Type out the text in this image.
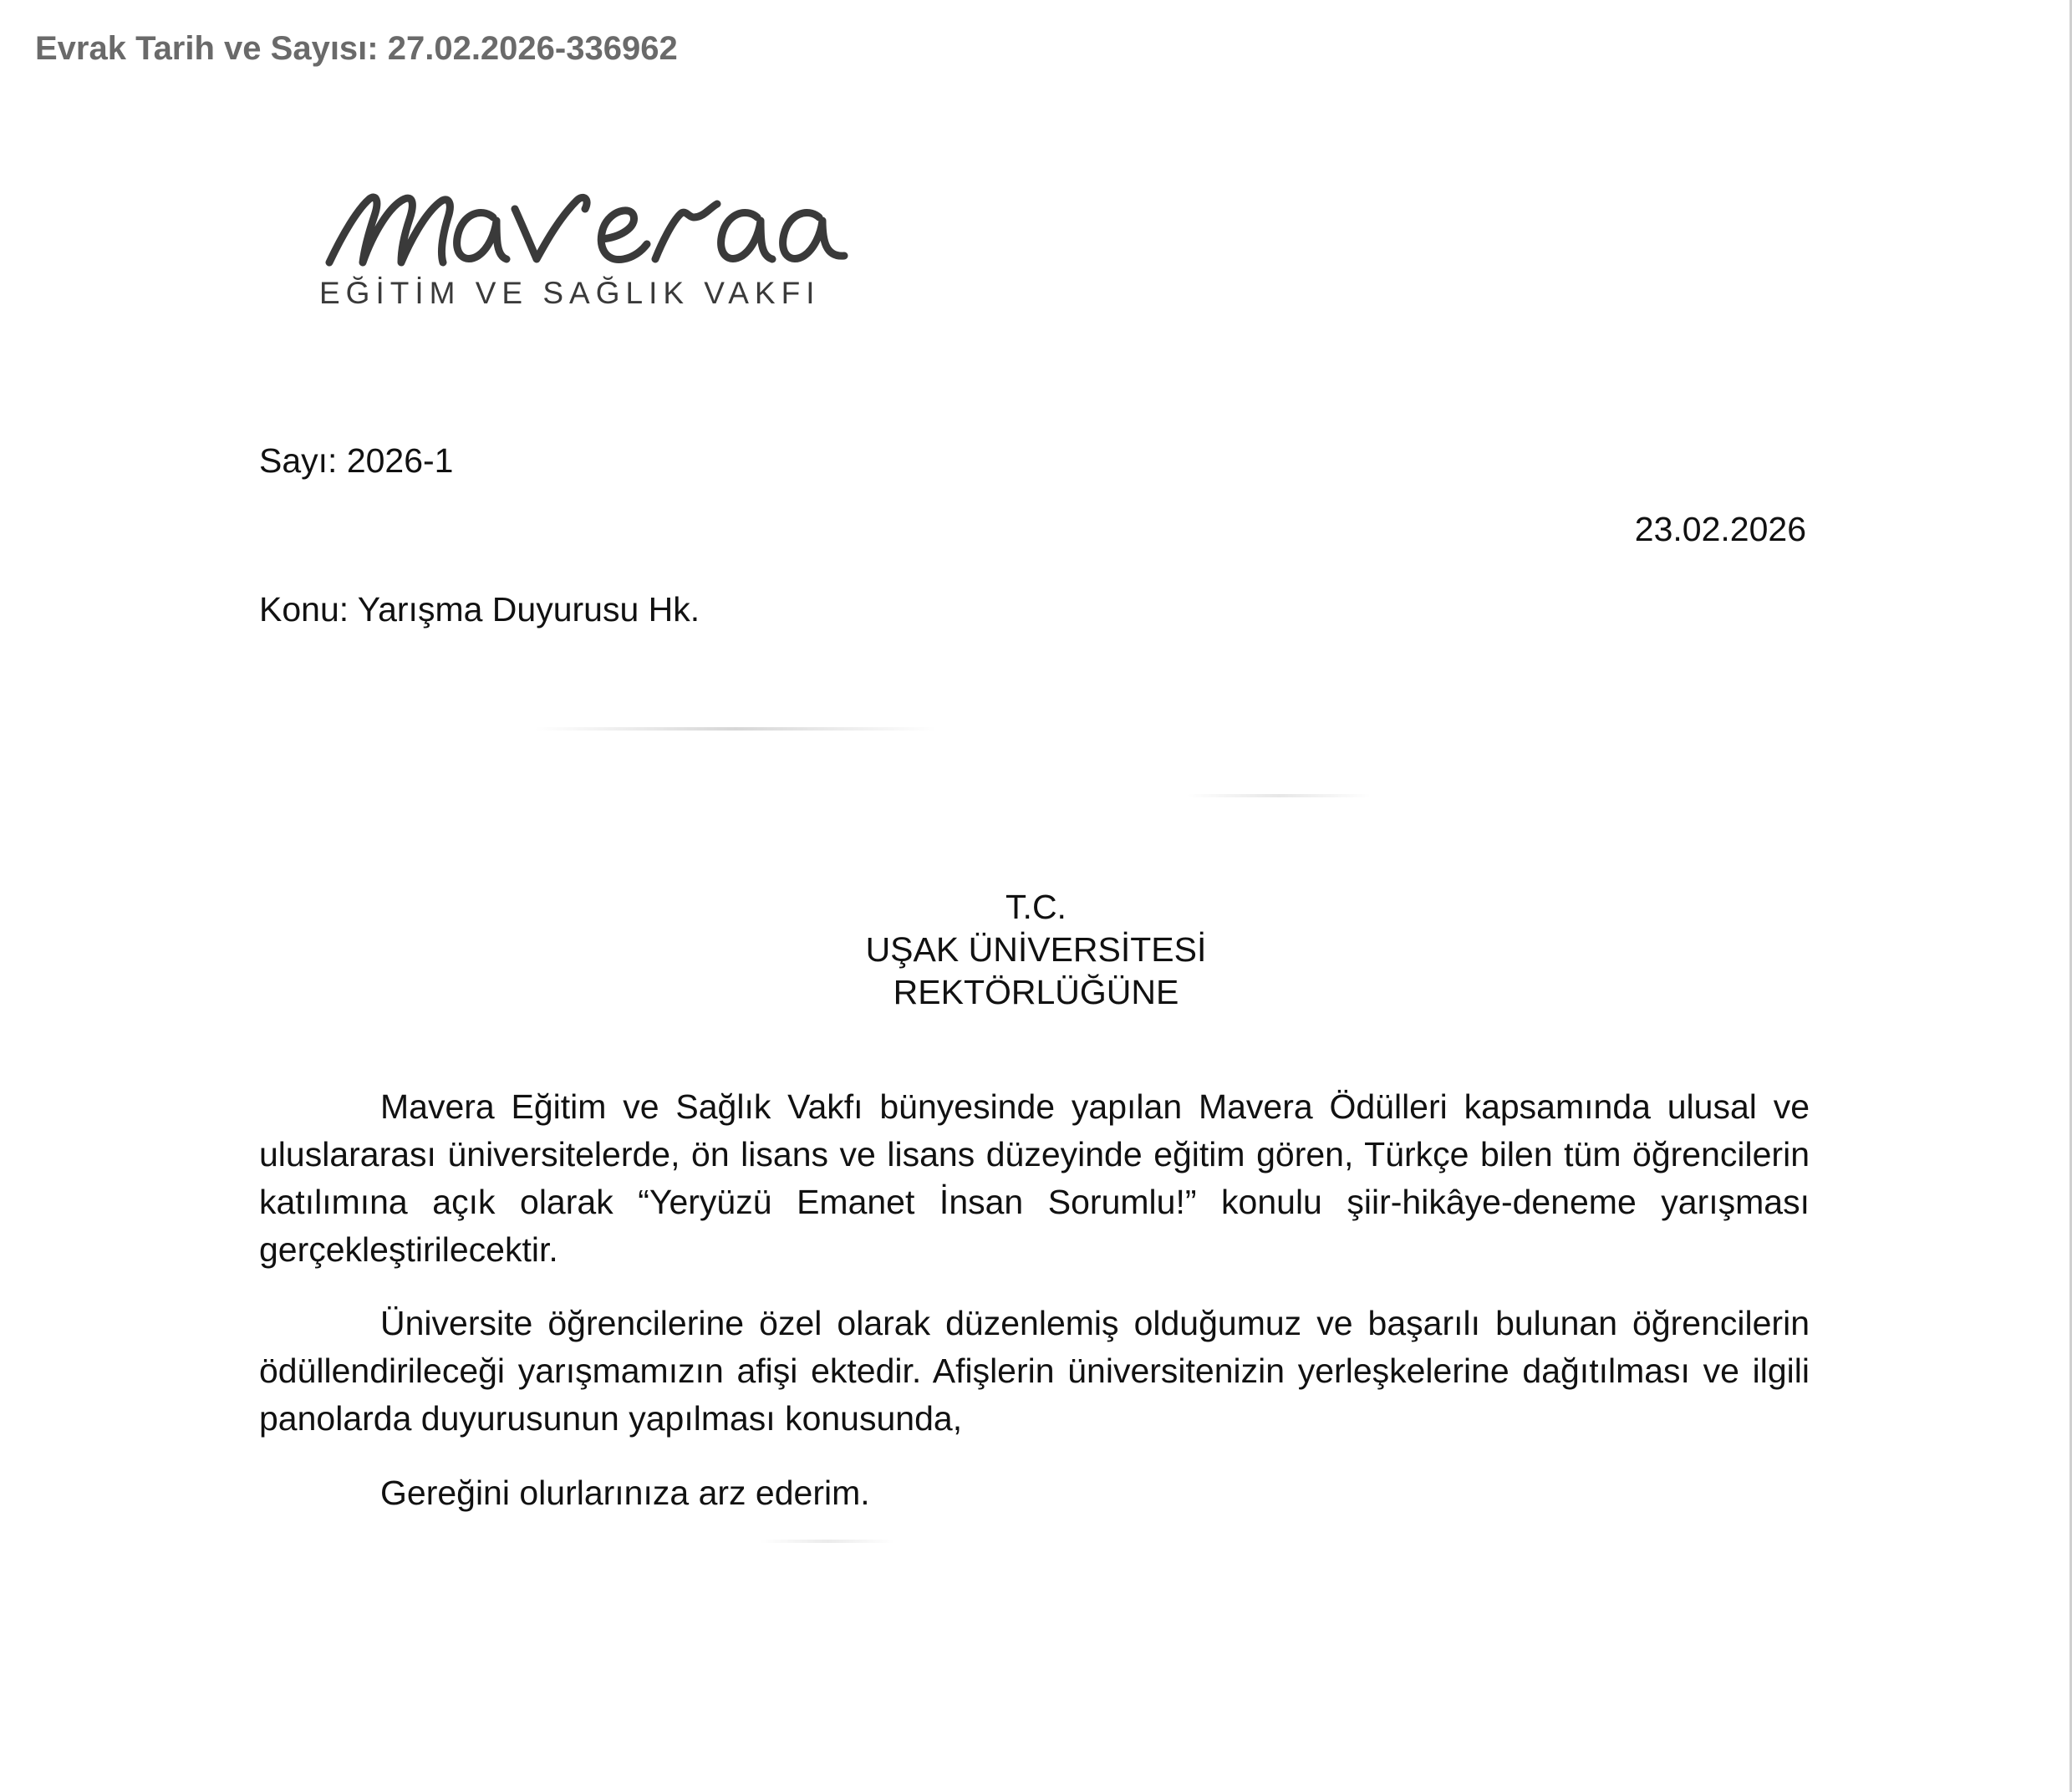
Evrak Tarih ve Sayısı: 27.02.2026-336962
EĞİTİM VE SAĞLIK VAKFI
Sayı: 2026-1
23.02.2026
Konu: Yarışma Duyurusu Hk.
T.C.
UŞAK ÜNİVERSİTESİ
REKTÖRLÜĞÜNE

Mavera Eğitim ve Sağlık Vakfı bünyesinde yapılan Mavera Ödülleri kapsamında ulusal ve uluslararası üniversitelerde, ön lisans ve lisans düzeyinde eğitim gören, Türkçe bilen tüm öğrencilerin katılımına açık olarak “Yeryüzü Emanet İnsan Sorumlu!” konulu şiir-hikâye-deneme yarışması gerçekleştirilecektir.

Üniversite öğrencilerine özel olarak düzenlemiş olduğumuz ve başarılı bulunan öğrencilerin ödüllendirileceği yarışmamızın afişi ektedir. Afişlerin üniversitenizin yerleşkelerine dağıtılması ve ilgili panolarda duyurusunun yapılması konusunda,

Gereğini olurlarınıza arz ederim.
